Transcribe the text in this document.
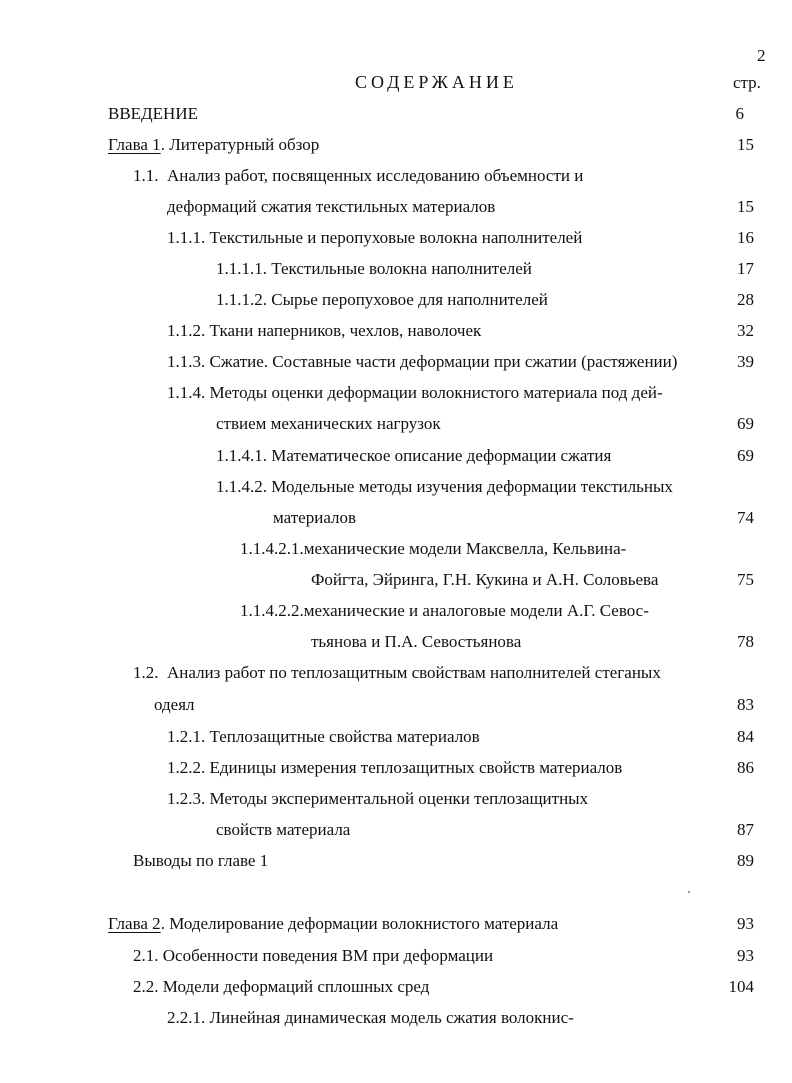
2
СОДЕРЖАНИЕ	стр.
ВВЕДЕНИЕ	6
Глава 1. Литературный обзор	15
1.1. Анализ работ, посвященных исследованию объемности и
деформаций сжатия текстильных материалов	15
1.1.1. Текстильные и перопуховые волокна наполнителей	16
1.1.1.1. Текстильные волокна наполнителей	17
1.1.1.2. Сырье перопуховое для наполнителей	28
1.1.2. Ткани наперников, чехлов, наволочек	32
1.1.3. Сжатие. Составные части деформации при сжатии (растяжении)	39
1.1.4. Методы оценки деформации волокнистого материала под дей-
ствием механических нагрузок	69
1.1.4.1. Математическое описание деформации сжатия	69
1.1.4.2. Модельные методы изучения деформации текстильных
материалов	74
1.1.4.2.1.механические модели Максвелла, Кельвина-
Фойгта, Эйринга, Г.Н. Кукина и А.Н. Соловьева	75
1.1.4.2.2.механические и аналоговые модели А.Г. Севос-
тьянова и П.А. Севостьянова	78
1.2. Анализ работ по теплозащитным свойствам наполнителей стеганых
одеял	83
1.2.1. Теплозащитные свойства материалов	84
1.2.2. Единицы измерения теплозащитных свойств материалов	86
1.2.3. Методы экспериментальной оценки теплозащитных
свойств материала	87
Выводы по главе 1	89
Глава 2. Моделирование деформации волокнистого материала	93
2.1. Особенности поведения ВМ при деформации	93
2.2. Модели деформаций сплошных сред	104
2.2.1. Линейная динамическая модель сжатия волокнис-
